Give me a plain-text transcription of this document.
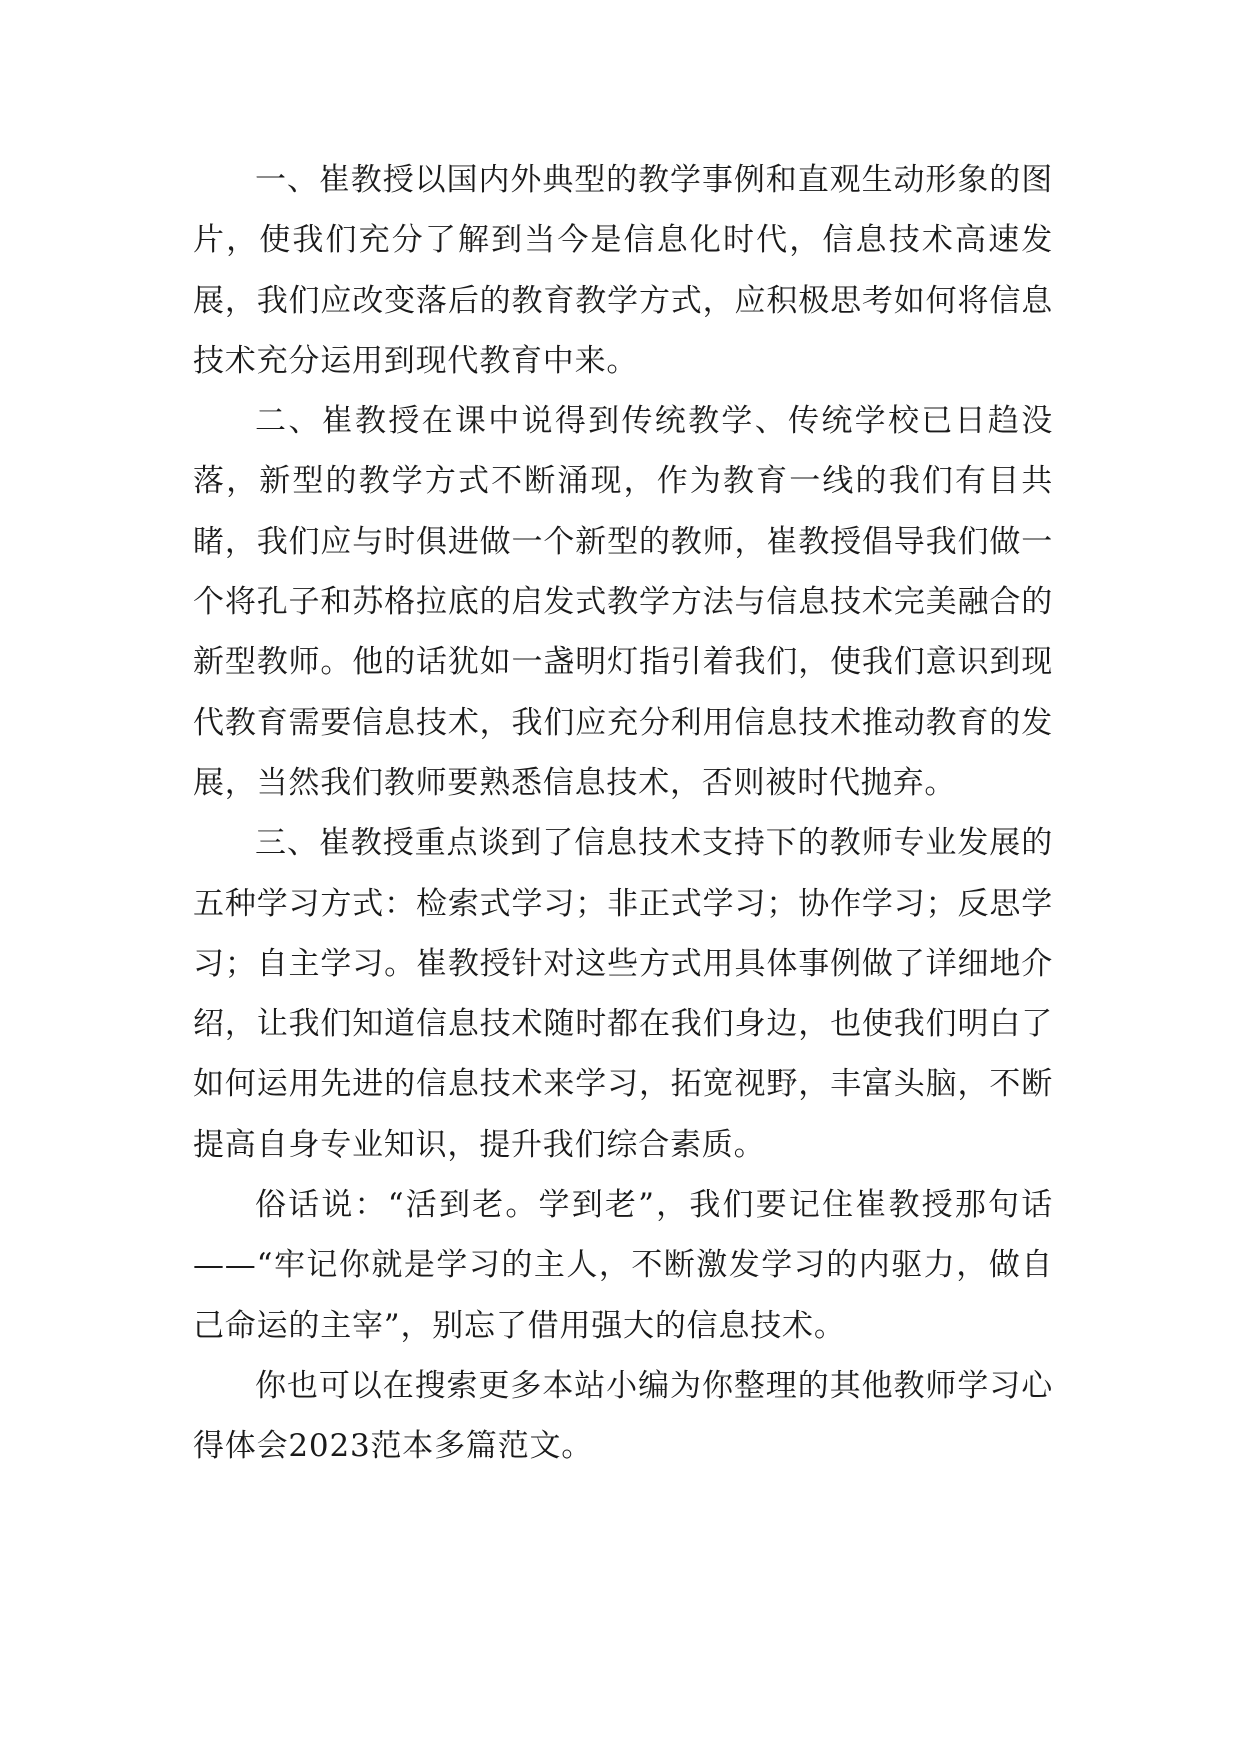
一、崔教授以国内外典型的教学事例和直观生动形象的图片，使我们充分了解到当今是信息化时代，信息技术高速发展，我们应改变落后的教育教学方式，应积极思考如何将信息技术充分运用到现代教育中来。

二、崔教授在课中说得到传统教学、传统学校已日趋没落，新型的教学方式不断涌现，作为教育一线的我们有目共睹，我们应与时俱进做一个新型的教师，崔教授倡导我们做一个将孔子和苏格拉底的启发式教学方法与信息技术完美融合的新型教师。他的话犹如一盏明灯指引着我们，使我们意识到现代教育需要信息技术，我们应充分利用信息技术推动教育的发展，当然我们教师要熟悉信息技术，否则被时代抛弃。

三、崔教授重点谈到了信息技术支持下的教师专业发展的五种学习方式：检索式学习；非正式学习；协作学习；反思学习；自主学习。崔教授针对这些方式用具体事例做了详细地介绍，让我们知道信息技术随时都在我们身边，也使我们明白了如何运用先进的信息技术来学习，拓宽视野，丰富头脑，不断提高自身专业知识，提升我们综合素质。

俗话说：“活到老。学到老”，我们要记住崔教授那句话——“牢记你就是学习的主人，不断激发学习的内驱力，做自己命运的主宰”，别忘了借用强大的信息技术。

你也可以在搜索更多本站小编为你整理的其他教师学习心得体会2023范本多篇范文。
